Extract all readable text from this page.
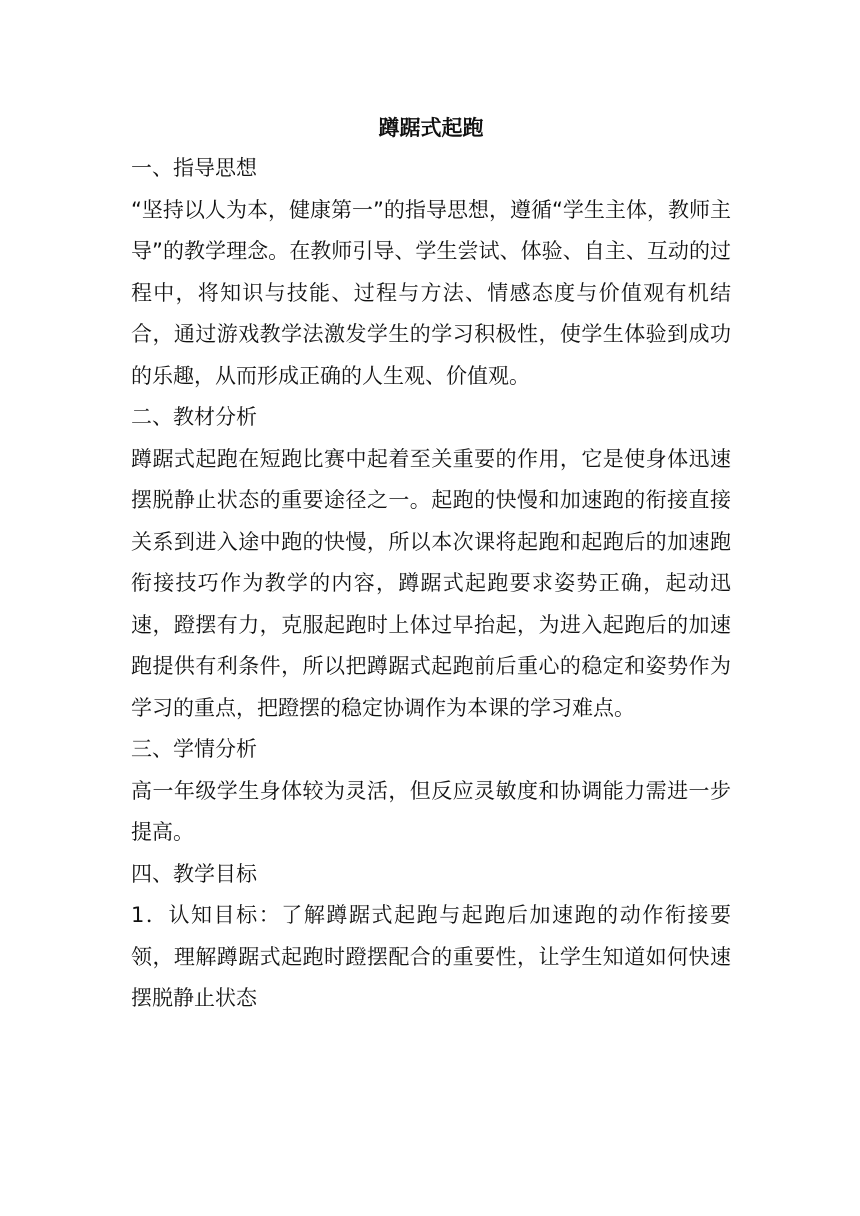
蹲踞式起跑

一、指导思想

“坚持以人为本，健康第一”的指导思想，遵循“学生主体，教师主导”的教学理念。在教师引导、学生尝试、体验、自主、互动的过程中，将知识与技能、过程与方法、情感态度与价值观有机结合，通过游戏教学法激发学生的学习积极性，使学生体验到成功的乐趣，从而形成正确的人生观、价值观。

二、教材分析

蹲踞式起跑在短跑比赛中起着至关重要的作用，它是使身体迅速摆脱静止状态的重要途径之一。起跑的快慢和加速跑的衔接直接关系到进入途中跑的快慢，所以本次课将起跑和起跑后的加速跑衔接技巧作为教学的内容，蹲踞式起跑要求姿势正确，起动迅速，蹬摆有力，克服起跑时上体过早抬起，为进入起跑后的加速跑提供有利条件，所以把蹲踞式起跑前后重心的稳定和姿势作为学习的重点，把蹬摆的稳定协调作为本课的学习难点。

三、学情分析

高一年级学生身体较为灵活，但反应灵敏度和协调能力需进一步提高。

四、教学目标

1．认知目标：了解蹲踞式起跑与起跑后加速跑的动作衔接要领，理解蹲踞式起跑时蹬摆配合的重要性，让学生知道如何快速摆脱静止状态
